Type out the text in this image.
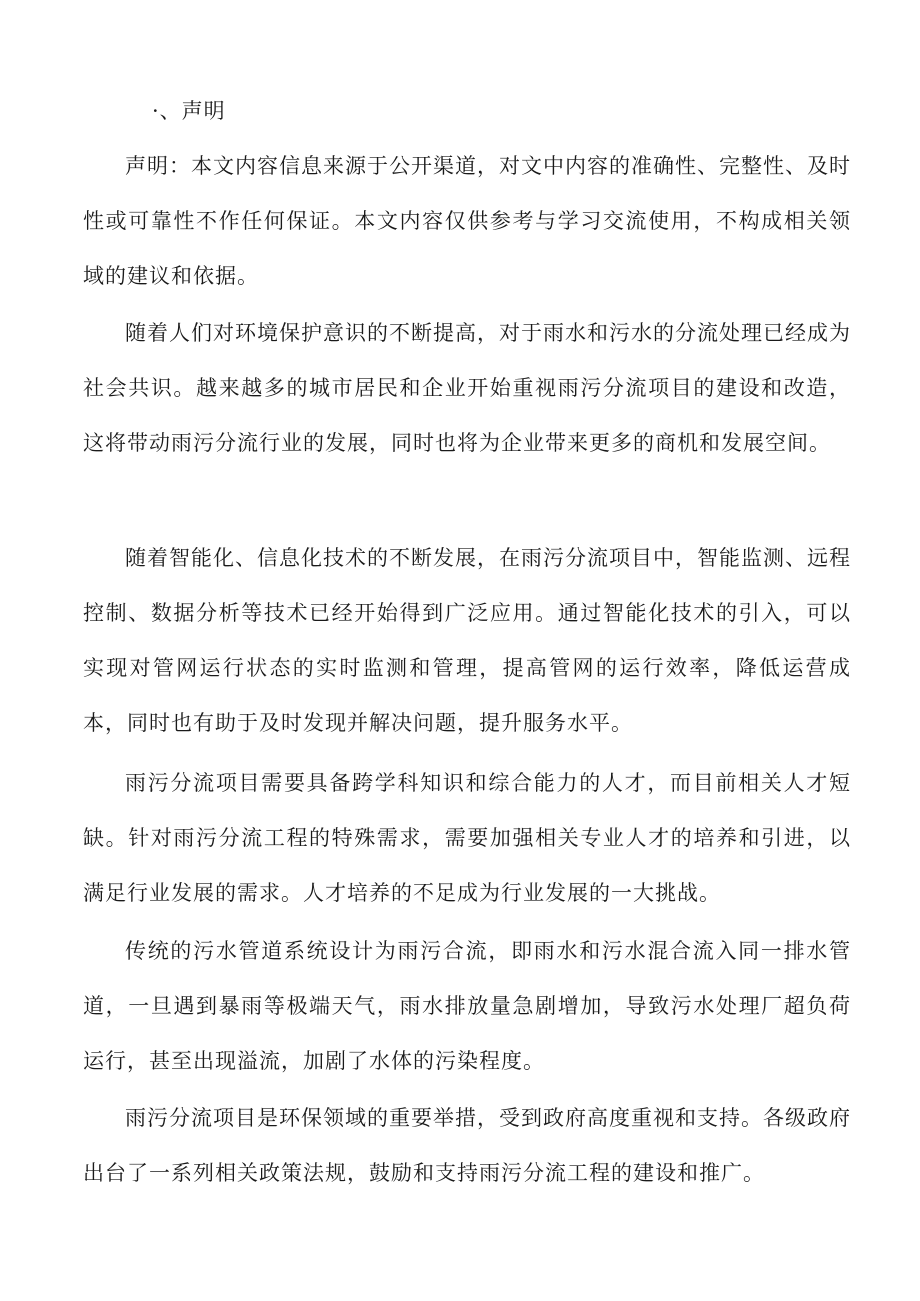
·、声明

声明：本文内容信息来源于公开渠道，对文中内容的准确性、完整性、及时性或可靠性不作任何保证。本文内容仅供参考与学习交流使用，不构成相关领域的建议和依据。

随着人们对环境保护意识的不断提高，对于雨水和污水的分流处理已经成为社会共识。越来越多的城市居民和企业开始重视雨污分流项目的建设和改造，这将带动雨污分流行业的发展，同时也将为企业带来更多的商机和发展空间。

随着智能化、信息化技术的不断发展，在雨污分流项目中，智能监测、远程控制、数据分析等技术已经开始得到广泛应用。通过智能化技术的引入，可以实现对管网运行状态的实时监测和管理，提高管网的运行效率，降低运营成本，同时也有助于及时发现并解决问题，提升服务水平。

雨污分流项目需要具备跨学科知识和综合能力的人才，而目前相关人才短缺。针对雨污分流工程的特殊需求，需要加强相关专业人才的培养和引进，以满足行业发展的需求。人才培养的不足成为行业发展的一大挑战。

传统的污水管道系统设计为雨污合流，即雨水和污水混合流入同一排水管道，一旦遇到暴雨等极端天气，雨水排放量急剧增加，导致污水处理厂超负荷运行，甚至出现溢流，加剧了水体的污染程度。

雨污分流项目是环保领域的重要举措，受到政府高度重视和支持。各级政府出台了一系列相关政策法规，鼓励和支持雨污分流工程的建设和推广。
